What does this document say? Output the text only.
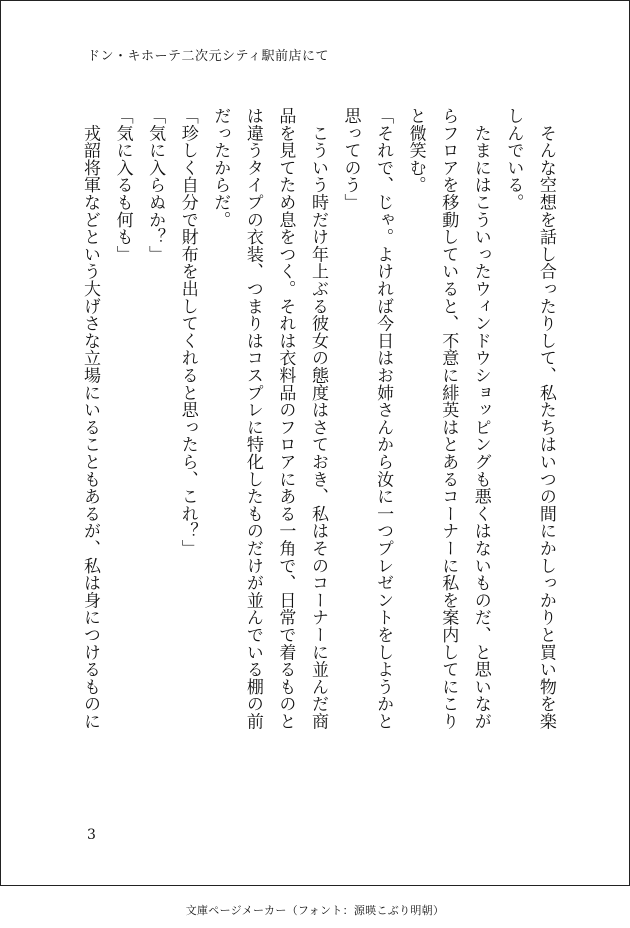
ドン・キホーテ二次元シティ駅前店にて
　そんな空想を話し合ったりして、私たちはいつの間にかしっかりと買い物を楽
しんでいる。
　たまにはこういったウィンドウショッピングも悪くはないものだ、と思いなが
らフロアを移動していると、不意に緋英はとあるコーナーに私を案内してにこり
と微笑む。
「それで、じゃ。よければ今日はお姉さんから汝に一つプレゼントをしようかと
思ってのう」
　こういう時だけ年上ぶる彼女の態度はさておき、私はそのコーナーに並んだ商
品を見てため息をつく。それは衣料品のフロアにある一角で、日常で着るものと
は違うタイプの衣装、つまりはコスプレに特化したものだけが並んでいる棚の前
だったからだ。
「珍しく自分で財布を出してくれると思ったら、これ？」
「気に入らぬか？」
「気に入るも何も」
　戎韶将軍などという大げさな立場にいることもあるが、私は身につけるものに
3
文庫ページメーカー（フォント：源暎こぶり明朝）
